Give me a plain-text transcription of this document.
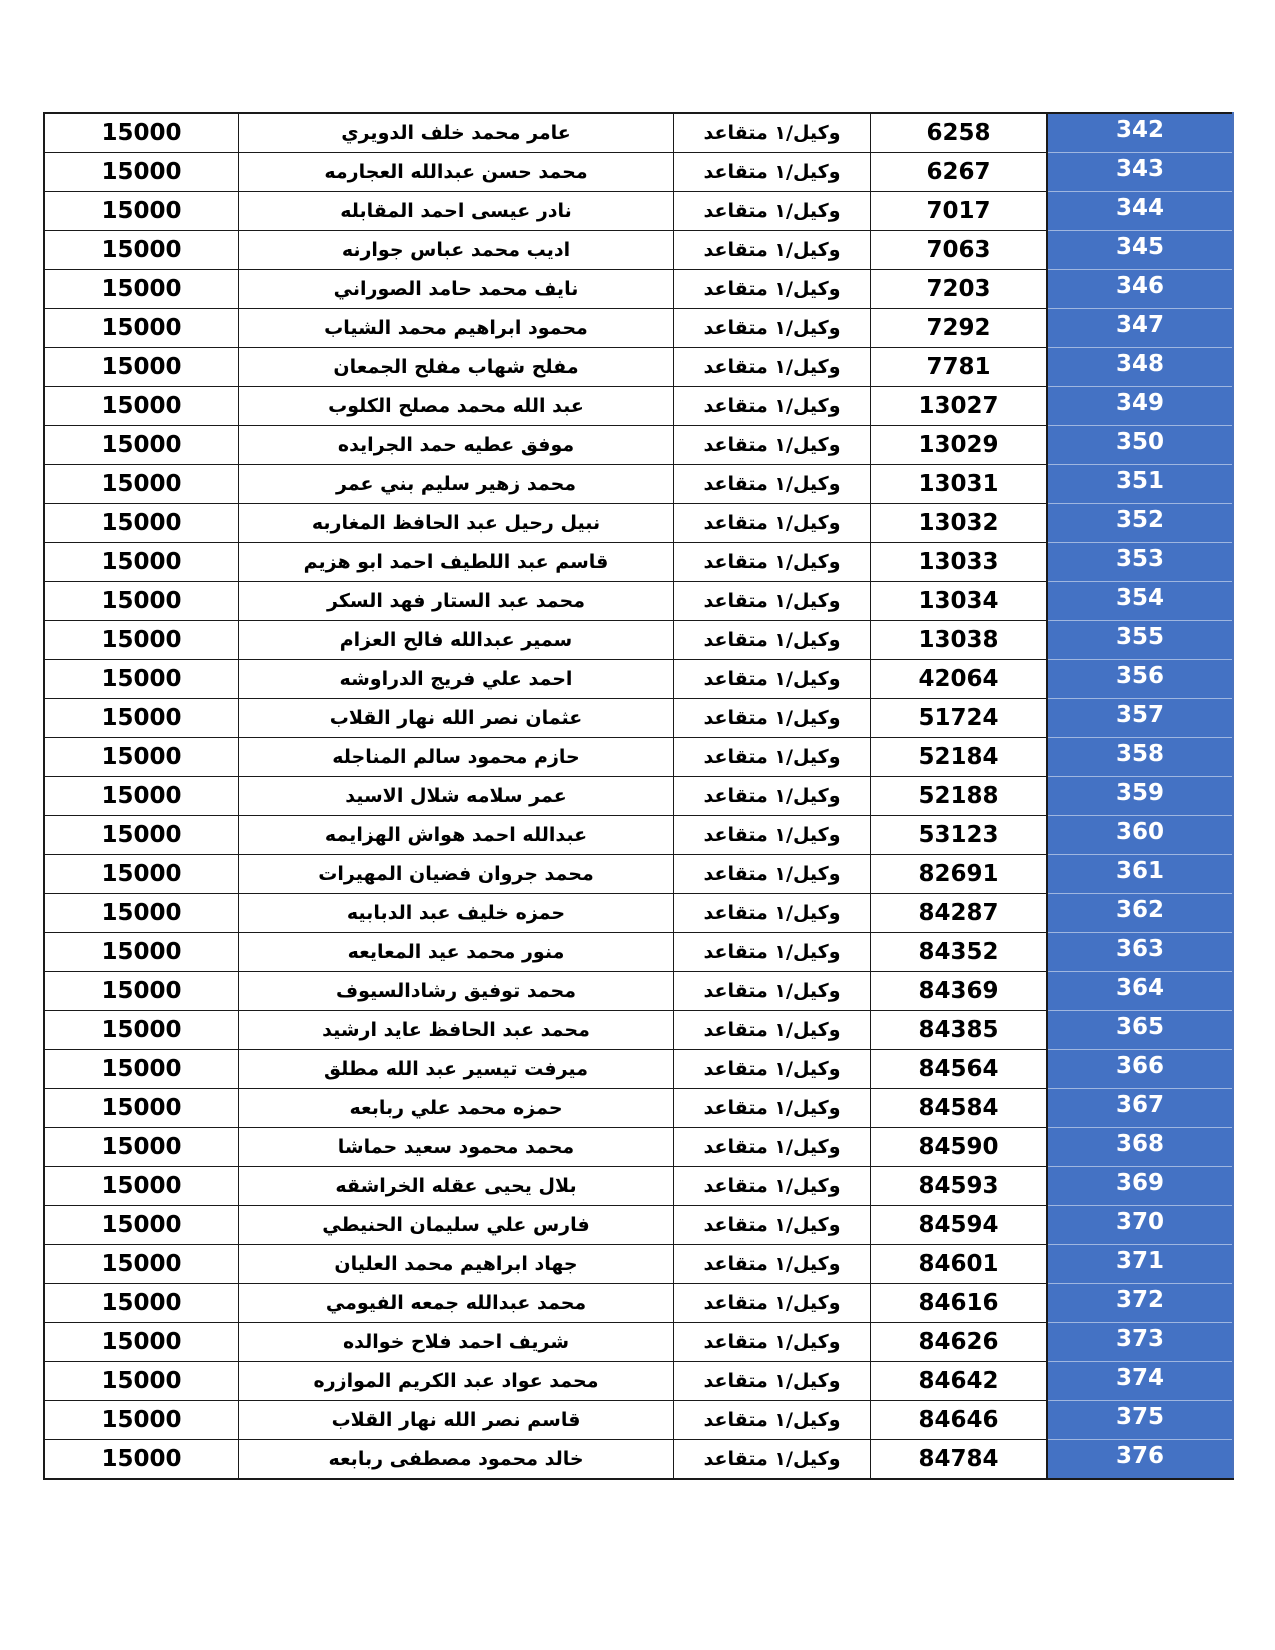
15000	عامر محمد خلف الدويري	وكيل/١ متقاعد	6258	342
15000	محمد حسن عبدالله العجارمه	وكيل/١ متقاعد	6267	343
15000	نادر عيسى احمد المقابله	وكيل/١ متقاعد	7017	344
15000	اديب محمد عباس جوارنه	وكيل/١ متقاعد	7063	345
15000	نايف محمد حامد الصوراني	وكيل/١ متقاعد	7203	346
15000	محمود ابراهيم محمد الشياب	وكيل/١ متقاعد	7292	347
15000	مفلح شهاب مفلح الجمعان	وكيل/١ متقاعد	7781	348
15000	عبد الله محمد مصلح الكلوب	وكيل/١ متقاعد	13027	349
15000	موفق عطيه حمد الجرايده	وكيل/١ متقاعد	13029	350
15000	محمد زهير سليم بني عمر	وكيل/١ متقاعد	13031	351
15000	نبيل رحيل عبد الحافظ المغاربه	وكيل/١ متقاعد	13032	352
15000	قاسم عبد اللطيف احمد ابو هزيم	وكيل/١ متقاعد	13033	353
15000	محمد عبد الستار فهد السكر	وكيل/١ متقاعد	13034	354
15000	سمير عبدالله فالح العزام	وكيل/١ متقاعد	13038	355
15000	احمد علي فريج الدراوشه	وكيل/١ متقاعد	42064	356
15000	عثمان نصر الله نهار القلاب	وكيل/١ متقاعد	51724	357
15000	حازم محمود سالم المناجله	وكيل/١ متقاعد	52184	358
15000	عمر سلامه شلال الاسيد	وكيل/١ متقاعد	52188	359
15000	عبدالله احمد هواش الهزايمه	وكيل/١ متقاعد	53123	360
15000	محمد جروان فضيان المهيرات	وكيل/١ متقاعد	82691	361
15000	حمزه خليف عبد الدبابيه	وكيل/١ متقاعد	84287	362
15000	منور محمد عيد المعايعه	وكيل/١ متقاعد	84352	363
15000	محمد توفيق رشادالسيوف	وكيل/١ متقاعد	84369	364
15000	محمد عبد الحافظ عايد ارشيد	وكيل/١ متقاعد	84385	365
15000	ميرفت تيسير عبد الله مطلق	وكيل/١ متقاعد	84564	366
15000	حمزه محمد علي ربابعه	وكيل/١ متقاعد	84584	367
15000	محمد محمود سعيد حماشا	وكيل/١ متقاعد	84590	368
15000	بلال يحيى عقله الخراشقه	وكيل/١ متقاعد	84593	369
15000	فارس علي سليمان الحنيطي	وكيل/١ متقاعد	84594	370
15000	جهاد ابراهيم محمد العليان	وكيل/١ متقاعد	84601	371
15000	محمد عبدالله جمعه الفيومي	وكيل/١ متقاعد	84616	372
15000	شريف احمد فلاح خوالده	وكيل/١ متقاعد	84626	373
15000	محمد عواد عبد الكريم الموازره	وكيل/١ متقاعد	84642	374
15000	قاسم نصر الله نهار القلاب	وكيل/١ متقاعد	84646	375
15000	خالد محمود مصطفى ربابعه	وكيل/١ متقاعد	84784	376
